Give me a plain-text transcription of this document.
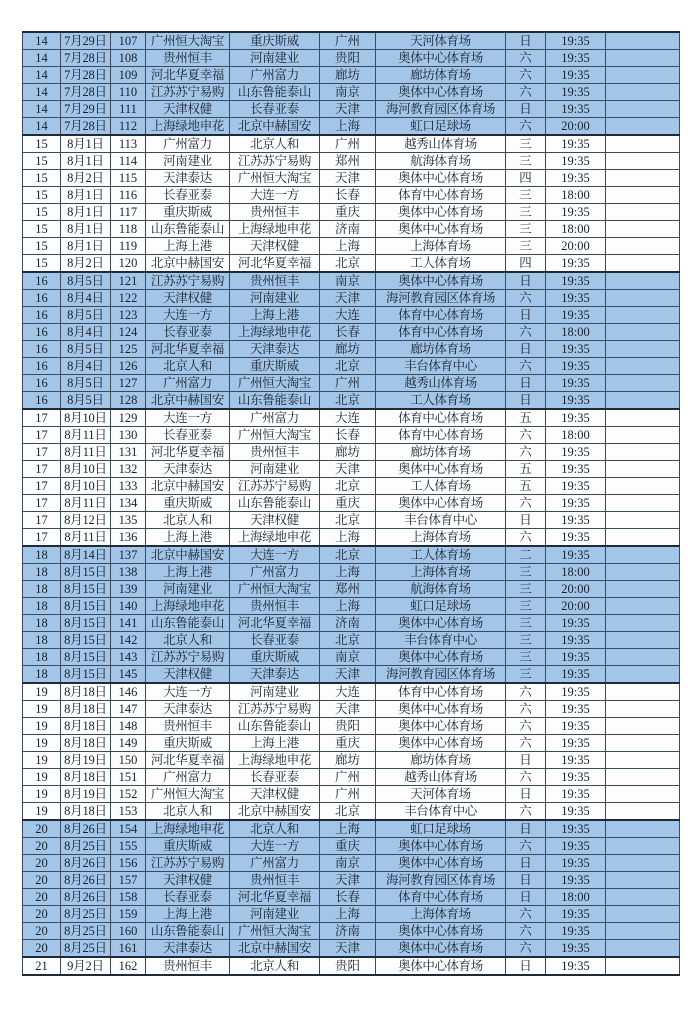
14	7月29日	107	广州恒大淘宝	重庆斯威	广州	天河体育场	日	19:35	
14	7月28日	108	贵州恒丰	河南建业	贵阳	奥体中心体育场	六	19:35	
14	7月28日	109	河北华夏幸福	广州富力	廊坊	廊坊体育场	六	19:35	
14	7月28日	110	江苏苏宁易购	山东鲁能泰山	南京	奥体中心体育场	六	19:35	
14	7月29日	111	天津权健	长春亚泰	天津	海河教育园区体育场	日	19:35	
14	7月28日	112	上海绿地申花	北京中赫国安	上海	虹口足球场	六	20:00	
15	8月1日	113	广州富力	北京人和	广州	越秀山体育场	三	19:35	
15	8月1日	114	河南建业	江苏苏宁易购	郑州	航海体育场	三	19:35	
15	8月2日	115	天津泰达	广州恒大淘宝	天津	奥体中心体育场	四	19:35	
15	8月1日	116	长春亚泰	大连一方	长春	体育中心体育场	三	18:00	
15	8月1日	117	重庆斯威	贵州恒丰	重庆	奥体中心体育场	三	19:35	
15	8月1日	118	山东鲁能泰山	上海绿地申花	济南	奥体中心体育场	三	18:00	
15	8月1日	119	上海上港	天津权健	上海	上海体育场	三	20:00	
15	8月2日	120	北京中赫国安	河北华夏幸福	北京	工人体育场	四	19:35	
16	8月5日	121	江苏苏宁易购	贵州恒丰	南京	奥体中心体育场	日	19:35	
16	8月4日	122	天津权健	河南建业	天津	海河教育园区体育场	六	19:35	
16	8月5日	123	大连一方	上海上港	大连	体育中心体育场	日	19:35	
16	8月4日	124	长春亚泰	上海绿地申花	长春	体育中心体育场	六	18:00	
16	8月5日	125	河北华夏幸福	天津泰达	廊坊	廊坊体育场	日	19:35	
16	8月4日	126	北京人和	重庆斯威	北京	丰台体育中心	六	19:35	
16	8月5日	127	广州富力	广州恒大淘宝	广州	越秀山体育场	日	19:35	
16	8月5日	128	北京中赫国安	山东鲁能泰山	北京	工人体育场	日	19:35	
17	8月10日	129	大连一方	广州富力	大连	体育中心体育场	五	19:35	
17	8月11日	130	长春亚泰	广州恒大淘宝	长春	体育中心体育场	六	18:00	
17	8月11日	131	河北华夏幸福	贵州恒丰	廊坊	廊坊体育场	六	19:35	
17	8月10日	132	天津泰达	河南建业	天津	奥体中心体育场	五	19:35	
17	8月10日	133	北京中赫国安	江苏苏宁易购	北京	工人体育场	五	19:35	
17	8月11日	134	重庆斯威	山东鲁能泰山	重庆	奥体中心体育场	六	19:35	
17	8月12日	135	北京人和	天津权健	北京	丰台体育中心	日	19:35	
17	8月11日	136	上海上港	上海绿地申花	上海	上海体育场	六	19:35	
18	8月14日	137	北京中赫国安	大连一方	北京	工人体育场	二	19:35	
18	8月15日	138	上海上港	广州富力	上海	上海体育场	三	18:00	
18	8月15日	139	河南建业	广州恒大淘宝	郑州	航海体育场	三	20:00	
18	8月15日	140	上海绿地申花	贵州恒丰	上海	虹口足球场	三	20:00	
18	8月15日	141	山东鲁能泰山	河北华夏幸福	济南	奥体中心体育场	三	19:35	
18	8月15日	142	北京人和	长春亚泰	北京	丰台体育中心	三	19:35	
18	8月15日	143	江苏苏宁易购	重庆斯威	南京	奥体中心体育场	三	19:35	
18	8月15日	145	天津权健	天津泰达	天津	海河教育园区体育场	三	19:35	
19	8月18日	146	大连一方	河南建业	大连	体育中心体育场	六	19:35	
19	8月18日	147	天津泰达	江苏苏宁易购	天津	奥体中心体育场	六	19:35	
19	8月18日	148	贵州恒丰	山东鲁能泰山	贵阳	奥体中心体育场	六	19:35	
19	8月18日	149	重庆斯威	上海上港	重庆	奥体中心体育场	六	19:35	
19	8月19日	150	河北华夏幸福	上海绿地申花	廊坊	廊坊体育场	日	19:35	
19	8月18日	151	广州富力	长春亚泰	广州	越秀山体育场	六	19:35	
19	8月19日	152	广州恒大淘宝	天津权健	广州	天河体育场	日	19:35	
19	8月18日	153	北京人和	北京中赫国安	北京	丰台体育中心	六	19:35	
20	8月26日	154	上海绿地申花	北京人和	上海	虹口足球场	日	19:35	
20	8月25日	155	重庆斯威	大连一方	重庆	奥体中心体育场	六	19:35	
20	8月26日	156	江苏苏宁易购	广州富力	南京	奥体中心体育场	日	19:35	
20	8月26日	157	天津权健	贵州恒丰	天津	海河教育园区体育场	日	19:35	
20	8月26日	158	长春亚泰	河北华夏幸福	长春	体育中心体育场	日	18:00	
20	8月25日	159	上海上港	河南建业	上海	上海体育场	六	19:35	
20	8月25日	160	山东鲁能泰山	广州恒大淘宝	济南	奥体中心体育场	六	19:35	
20	8月25日	161	天津泰达	北京中赫国安	天津	奥体中心体育场	六	19:35	
21	9月2日	162	贵州恒丰	北京人和	贵阳	奥体中心体育场	日	19:35	
